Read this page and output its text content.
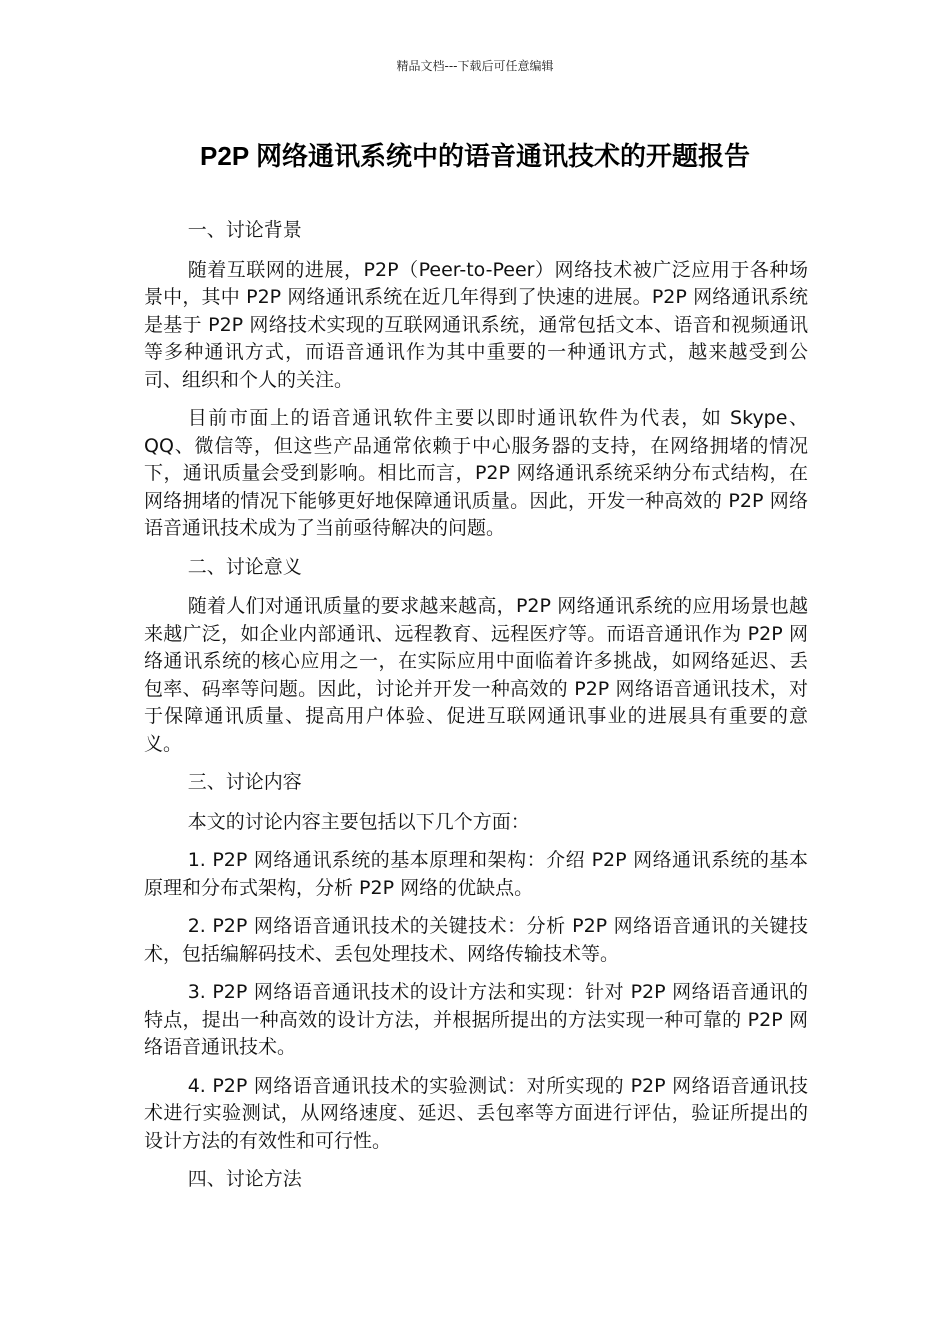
精品文档---下载后可任意编辑
P2P 网络通讯系统中的语音通讯技术的开题报告

一、讨论背景

随着互联网的进展，P2P（Peer-to-Peer）网络技术被广泛应用于各种场景中，其中 P2P 网络通讯系统在近几年得到了快速的进展。P2P 网络通讯系统是基于 P2P 网络技术实现的互联网通讯系统，通常包括文本、语音和视频通讯等多种通讯方式，而语音通讯作为其中重要的一种通讯方式，越来越受到公司、组织和个人的关注。

目前市面上的语音通讯软件主要以即时通讯软件为代表，如 Skype、QQ、微信等，但这些产品通常依赖于中心服务器的支持，在网络拥堵的情况下，通讯质量会受到影响。相比而言，P2P 网络通讯系统采纳分布式结构，在网络拥堵的情况下能够更好地保障通讯质量。因此，开发一种高效的 P2P 网络语音通讯技术成为了当前亟待解决的问题。

二、讨论意义

随着人们对通讯质量的要求越来越高，P2P 网络通讯系统的应用场景也越来越广泛，如企业内部通讯、远程教育、远程医疗等。而语音通讯作为 P2P 网络通讯系统的核心应用之一，在实际应用中面临着许多挑战，如网络延迟、丢包率、码率等问题。因此，讨论并开发一种高效的 P2P 网络语音通讯技术，对于保障通讯质量、提高用户体验、促进互联网通讯事业的进展具有重要的意义。

三、讨论内容

本文的讨论内容主要包括以下几个方面：

1. P2P 网络通讯系统的基本原理和架构：介绍 P2P 网络通讯系统的基本原理和分布式架构，分析 P2P 网络的优缺点。

2. P2P 网络语音通讯技术的关键技术：分析 P2P 网络语音通讯的关键技术，包括编解码技术、丢包处理技术、网络传输技术等。

3. P2P 网络语音通讯技术的设计方法和实现：针对 P2P 网络语音通讯的特点，提出一种高效的设计方法，并根据所提出的方法实现一种可靠的 P2P 网络语音通讯技术。

4. P2P 网络语音通讯技术的实验测试：对所实现的 P2P 网络语音通讯技术进行实验测试，从网络速度、延迟、丢包率等方面进行评估，验证所提出的设计方法的有效性和可行性。

四、讨论方法
